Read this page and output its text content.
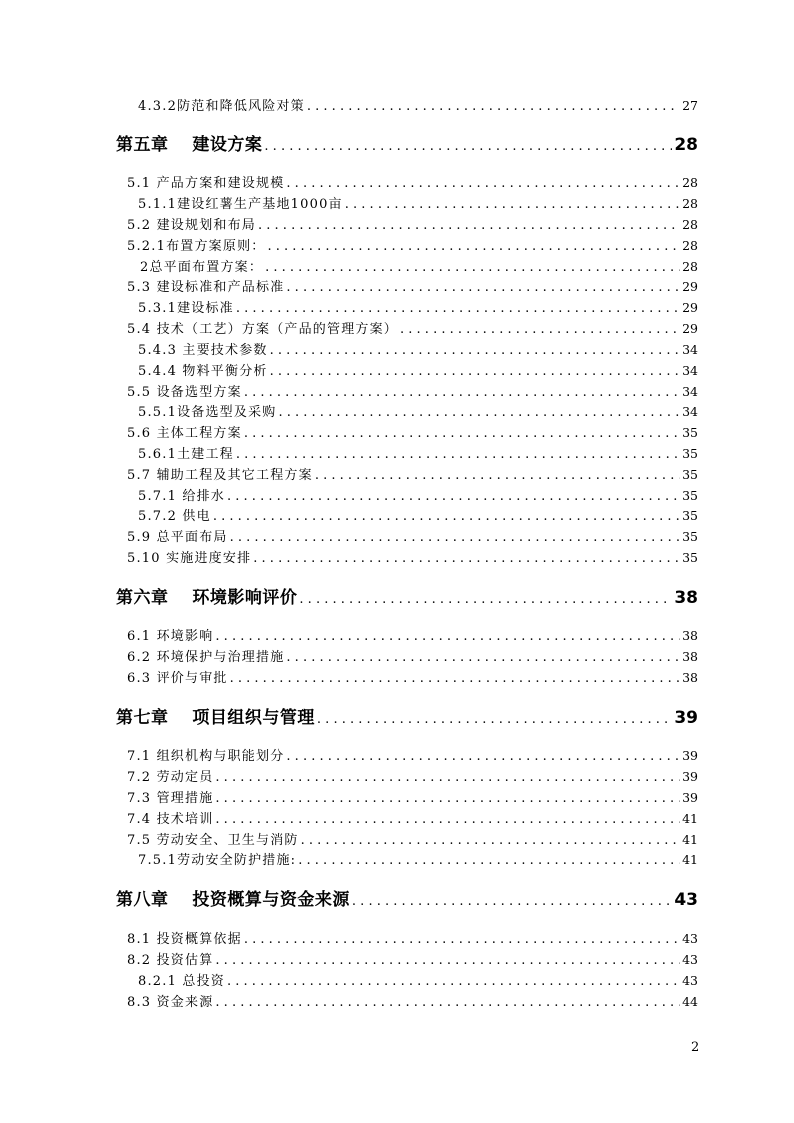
4.3.2防范和降低风险对策 . . .	27
第五章　 建设方案 . . .	28
5.1 产品方案和建设规模 . . .	28
5.1.1建设红薯生产基地1000亩 . . .	28
5.2 建设规划和布局 . . .	28
5.2.1布置方案原则： . . .	28
2总平面布置方案： . . .	28
5.3 建设标准和产品标准 . . .	29
5.3.1建设标准 . . .	29
5.4 技术（工艺）方案（产品的管理方案） . . .	29
5.4.3 主要技术参数 . . .	34
5.4.4 物料平衡分析 . . .	34
5.5 设备选型方案 . . .	34
5.5.1设备选型及采购 . . .	34
5.6 主体工程方案 . . .	35
5.6.1土建工程 . . .	35
5.7 辅助工程及其它工程方案 . . .	35
5.7.1 给排水 . . .	35
5.7.2 供电 . . .	35
5.9 总平面布局 . . .	35
5.10 实施进度安排 . . .	35
第六章　 环境影响评价 . . .	38
6.1 环境影响 . . .	38
6.2 环境保护与治理措施 . . .	38
6.3 评价与审批 . . .	38
第七章　 项目组织与管理 . . .	39
7.1 组织机构与职能划分 . . .	39
7.2 劳动定员 . . .	39
7.3 管理措施 . . .	39
7.4 技术培训 . . .	41
7.5 劳动安全、卫生与消防 . . .	41
7.5.1劳动安全防护措施: . . .	41
第八章　 投资概算与资金来源 . . .	43
8.1 投资概算依据 . . .	43
8.2 投资估算 . . .	43
8.2.1 总投资 . . .	43
8.3 资金来源 . . .	44
2
